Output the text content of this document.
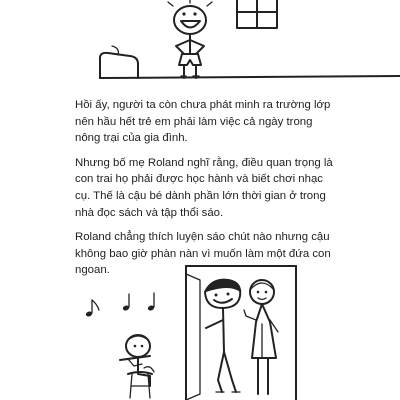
Hồi ấy, người ta còn chưa phát minh ra trường lớp nên hầu hết trẻ em phải làm việc cả ngày trong nông trại của gia đình.

Nhưng bố mẹ Roland nghĩ rằng, điều quan trọng là con trai họ phải được học hành và biết chơi nhạc cụ. Thế là cậu bé dành phần lớn thời gian ở trong nhà đọc sách và tập thổi sáo.

Roland chẳng thích luyện sáo chút nào nhưng cậu không bao giờ phàn nàn vì muốn làm một đứa con ngoan.
